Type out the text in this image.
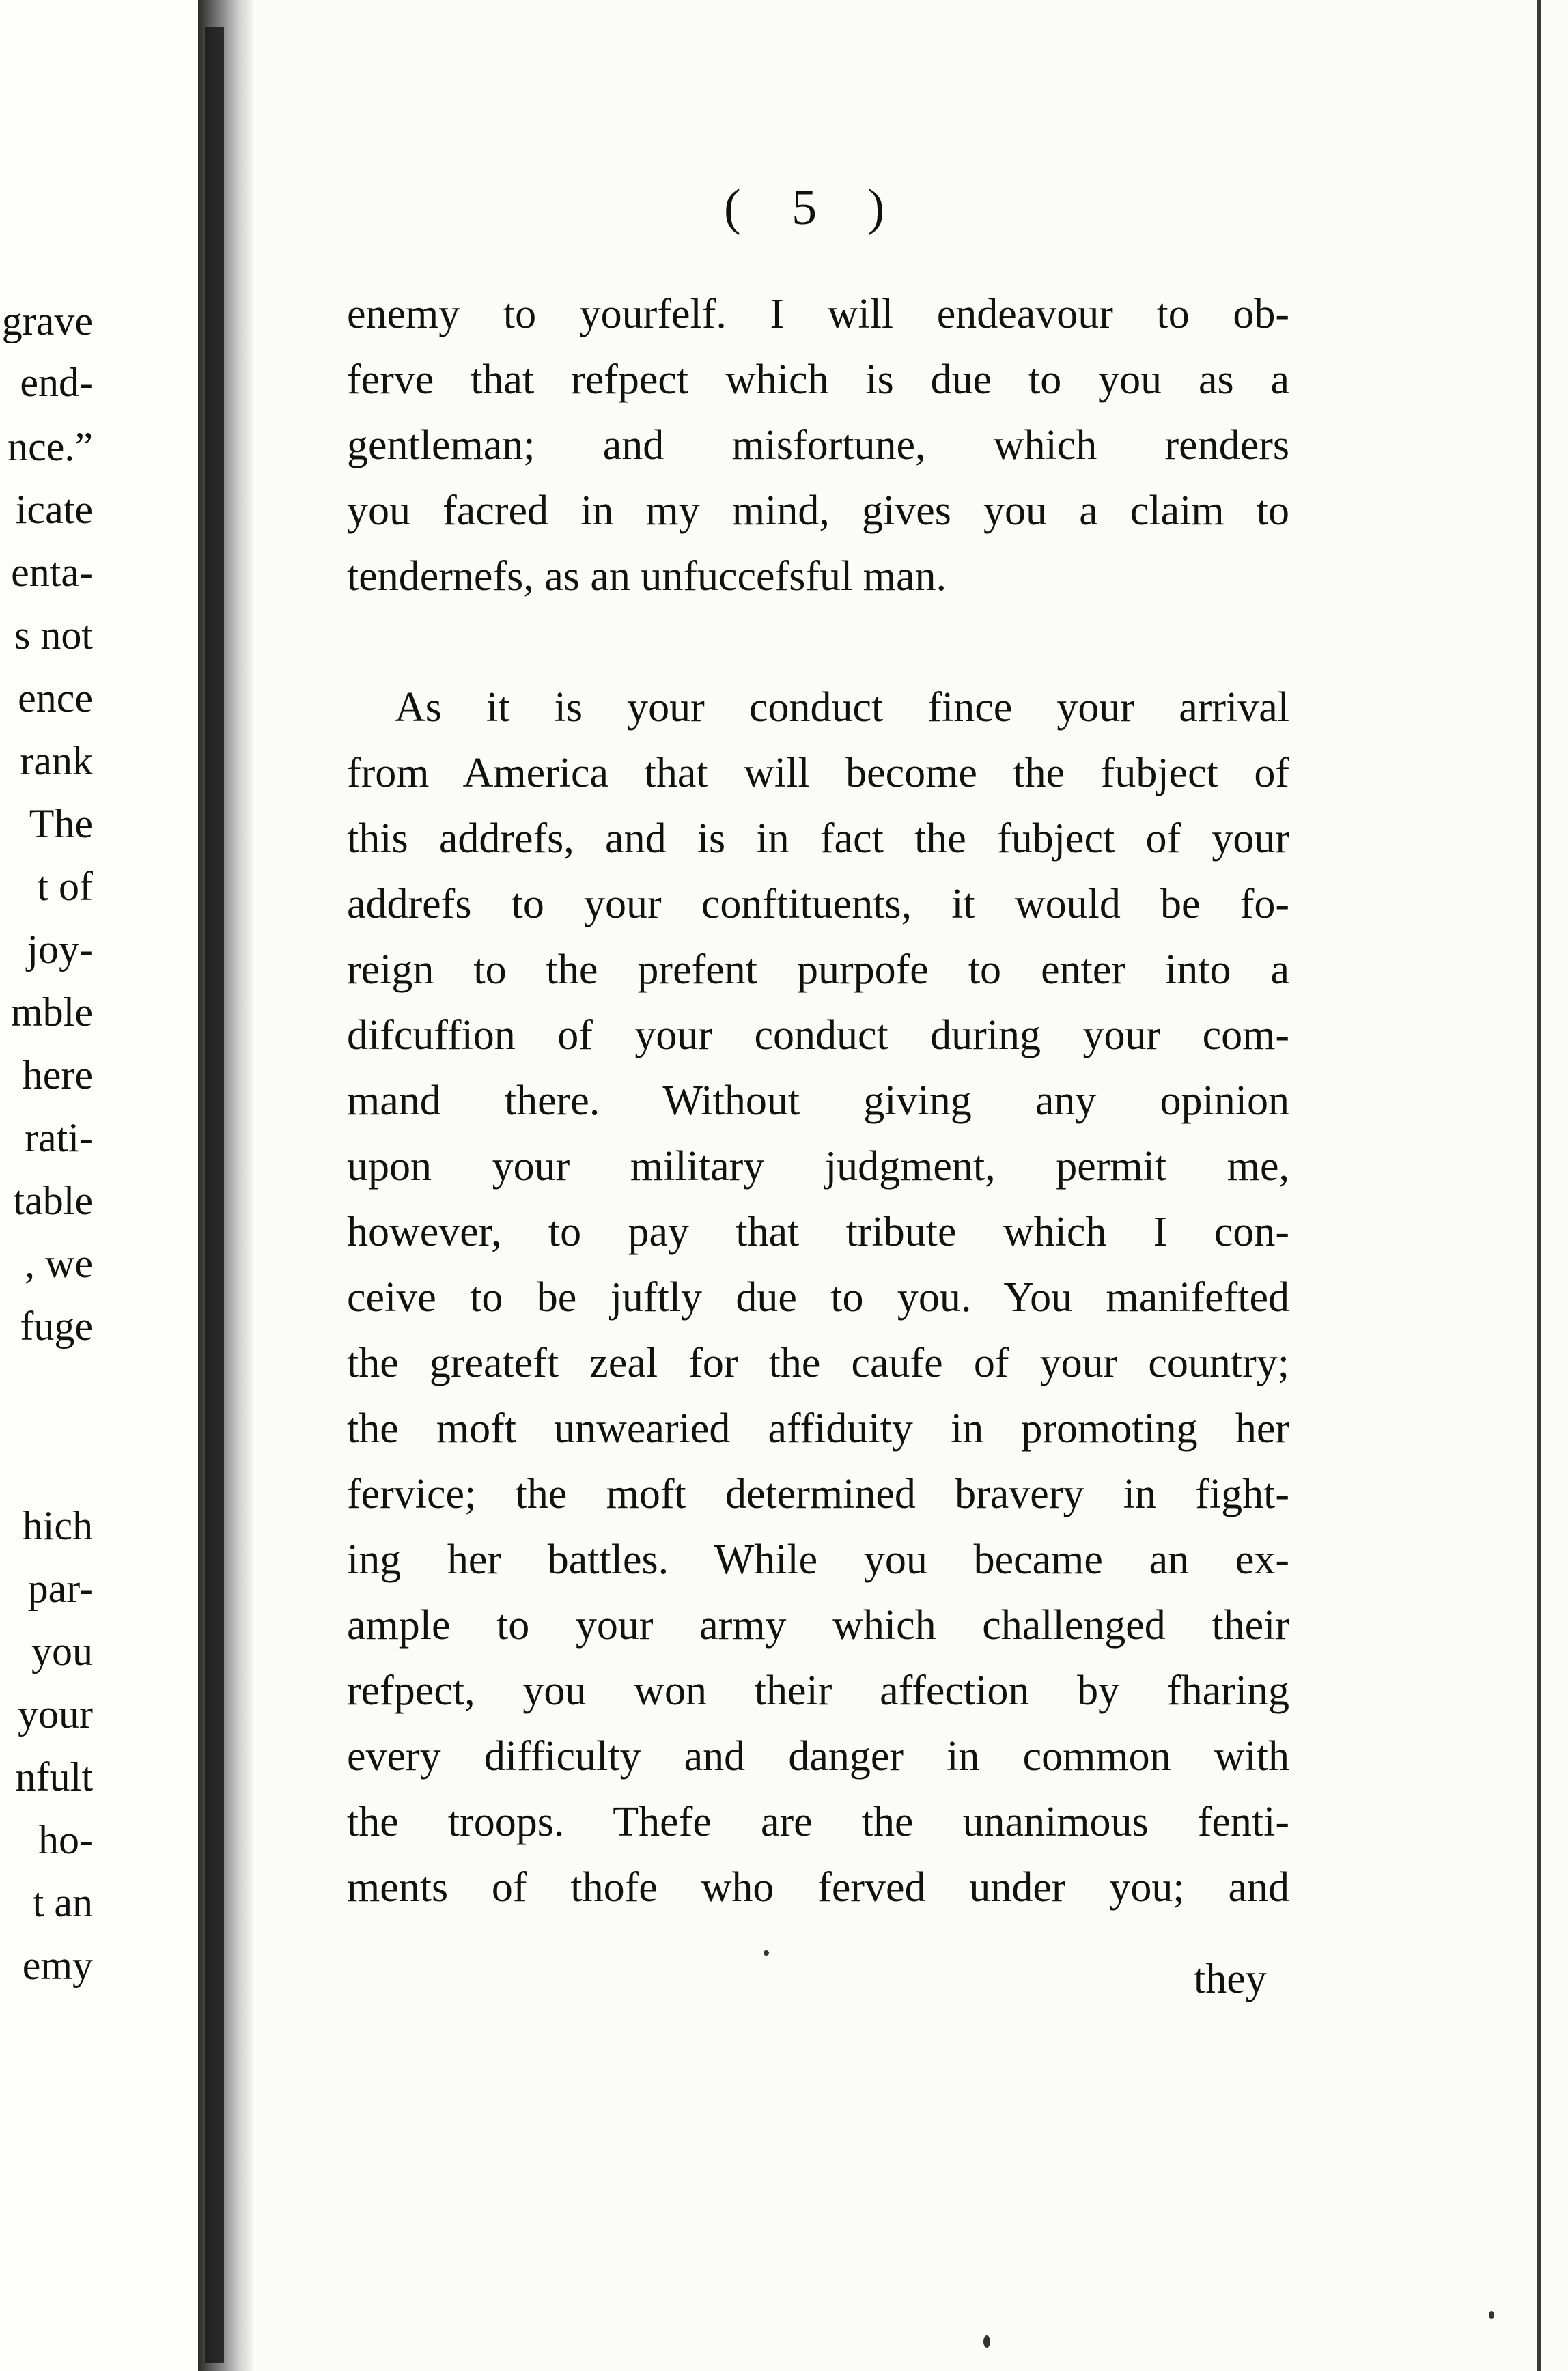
grave
end-
nce.”
icate
enta-
s not
ence
rank
The
t of
joy-
mble
here
rati-
table
, we
fuge
hich
par-
you
your
nfult
ho-
t an
emy
( 5 )
enemy to yourfelf. I will endeavour to ob-
ferve that refpect which is due to you as a
gentleman; and misfortune, which renders
you facred in my mind, gives you a claim to
tendernefs, as an unfuccefsful man.
As it is your conduct fince your arrival
from America that will become the fubject of
this addrefs, and is in fact the fubject of your
addrefs to your conftituents, it would be fo-
reign to the prefent purpofe to enter into a
difcuffion of your conduct during your com-
mand there. Without giving any opinion
upon your military judgment, permit me,
however, to pay that tribute which I con-
ceive to be juftly due to you. You manifefted
the greateft zeal for the caufe of your country;
the moft unwearied affiduity in promoting her
fervice; the moft determined bravery in fight-
ing her battles. While you became an ex-
ample to your army which challenged their
refpect, you won their affection by fharing
every difficulty and danger in common with
the troops. Thefe are the unanimous fenti-
ments of thofe who ferved under you; and
they
